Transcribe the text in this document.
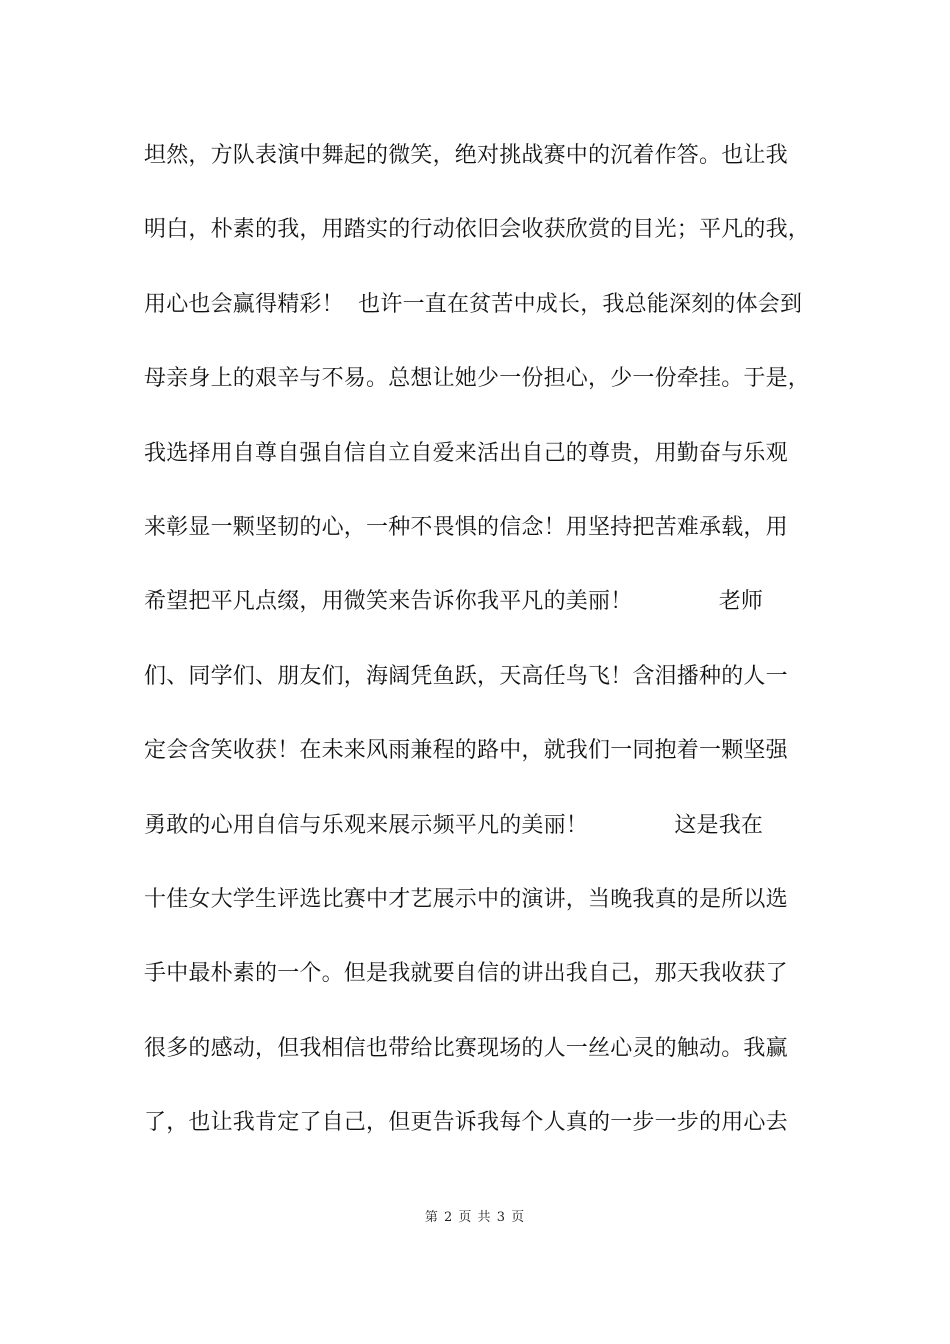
坦然，方队表演中舞起的微笑，绝对挑战赛中的沉着作答。也让我
明白，朴素的我，用踏实的行动依旧会收获欣赏的目光；平凡的我，
用心也会赢得精彩！  也许一直在贫苦中成长，我总能深刻的体会到
母亲身上的艰辛与不易。总想让她少一份担心，少一份牵挂。于是，
我选择用自尊自强自信自立自爱来活出自己的尊贵，用勤奋与乐观
来彰显一颗坚韧的心，一种不畏惧的信念！用坚持把苦难承载，用
希望把平凡点缀，用微笑来告诉你我平凡的美丽！            老师
们、同学们、朋友们，海阔凭鱼跃，天高任鸟飞！含泪播种的人一
定会含笑收获！在未来风雨兼程的路中，就我们一同抱着一颗坚强
勇敢的心用自信与乐观来展示频平凡的美丽！            这是我在
十佳女大学生评选比赛中才艺展示中的演讲，当晚我真的是所以选
手中最朴素的一个。但是我就要自信的讲出我自己，那天我收获了
很多的感动，但我相信也带给比赛现场的人一丝心灵的触动。我赢
了，也让我肯定了自己，但更告诉我每个人真的一步一步的用心去
第 2 页 共 3 页
